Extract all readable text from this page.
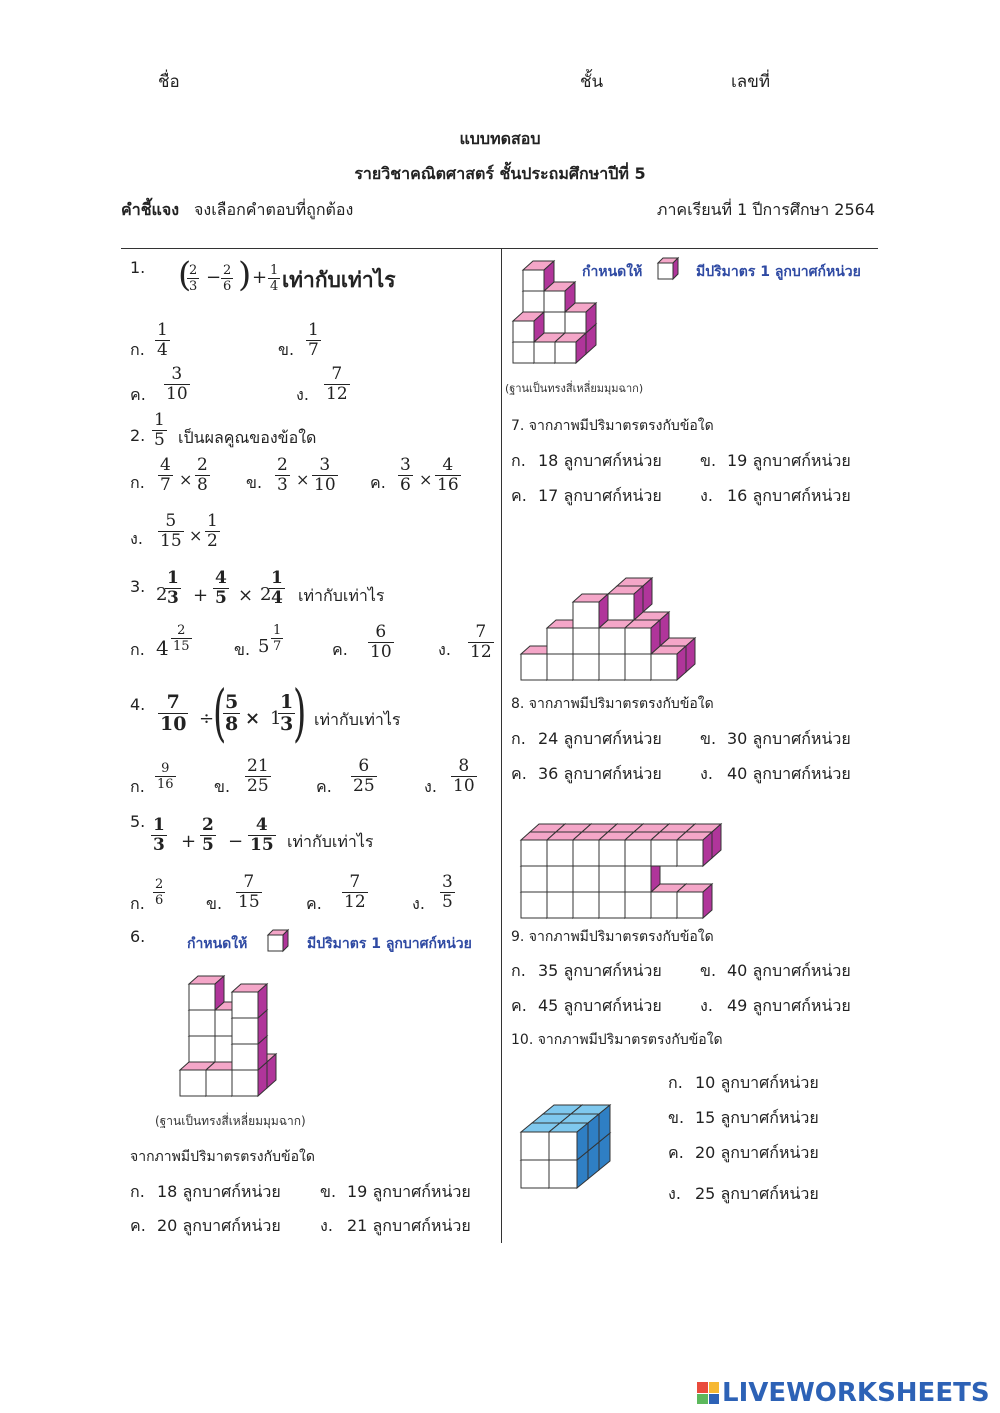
ชื่อ	ชั้น	เลขที่
แบบทดสอบ
รายวิชาคณิตศาสตร์ ชั้นประถมศึกษาปีที่ 5
คำชี้แจง จงเลือกคำตอบที่ถูกต้อง	ภาคเรียนที่ 1 ปีการศึกษา 2564
1. (
$\frac{2}{3} - \frac{2}{6}$ ) + $\frac{1}{4}$ เท่ากับเท่าไร
ก. $\frac{1}{4}$	ข. $\frac{1}{7}$
ค. $\frac{3}{10}$	ง. $\frac{7}{12}$
2. $\frac{1}{5}$ เป็นผลคูณของข้อใด
ก. $\frac{4}{7} \times \frac{2}{8}$ ข. $\frac{2}{3} \times \frac{3}{10}$ ค. $\frac{3}{6} \times \frac{4}{16}$
ง. $\frac{5}{15} \times \frac{1}{2}$
3. 2
$\frac{1}{3} + \frac{4}{5} \times 2$
$\frac{1}{4}$ เท่ากับเท่าไร
ก. $4 \frac{2}{15}$	ข. $5 \frac{1}{7}$	ค. $\frac{6}{10}$	ง. $\frac{7}{12}$
4. $\frac{7}{10}$ ÷
(
$\frac{5}{8} \times 1$
$\frac{1}{3}$
) เท่ากับเท่าไร
ก. $\frac{9}{16}$ ข. $\frac{21}{25}$	ค. $\frac{6}{25}$	ง. $\frac{8}{10}$
5. $\frac{1}{3} + \frac{2}{5} - \frac{4}{15}$ เท่ากับเท่าไร
ก. $\frac{2}{6}$	ข. $\frac{7}{15}$	ค. $\frac{7}{12}$	ง. $\frac{3}{5}$
6.	กำหนดให้	มีปริมาตร 1 ลูกบาศก์หน่วย
(ฐานเป็นทรงสี่เหลี่ยมมุมฉาก)
จากภาพมีปริมาตรตรงกับข้อใด
ก. 18 ลูกบาศก์หน่วย ข. 19 ลูกบาศก์หน่วย
ค. 20 ลูกบาศก์หน่วย ง. 21 ลูกบาศก์หน่วย
กำหนดให้	มีปริมาตร 1 ลูกบาศก์หน่วย
(ฐานเป็นทรงสี่เหลี่ยมมุมฉาก)
7. จากภาพมีปริมาตรตรงกับข้อใด
ก. 18 ลูกบาศก์หน่วย ข. 19 ลูกบาศก์หน่วย
ค. 17 ลูกบาศก์หน่วย ง. 16 ลูกบาศก์หน่วย
8. จากภาพมีปริมาตรตรงกับข้อใด
ก. 24 ลูกบาศก์หน่วย ข. 30 ลูกบาศก์หน่วย
ค. 36 ลูกบาศก์หน่วย ง. 40 ลูกบาศก์หน่วย
9. จากภาพมีปริมาตรตรงกับข้อใด
ก. 35 ลูกบาศก์หน่วย ข. 40 ลูกบาศก์หน่วย
ค. 45 ลูกบาศก์หน่วย ง. 49 ลูกบาศก์หน่วย
10. จากภาพมีปริมาตรตรงกับข้อใด
ก. 10 ลูกบาศก์หน่วย
ข. 15 ลูกบาศก์หน่วย
ค. 20 ลูกบาศก์หน่วย
ง. 25 ลูกบาศก์หน่วย
LIVEWORKSHEETS
